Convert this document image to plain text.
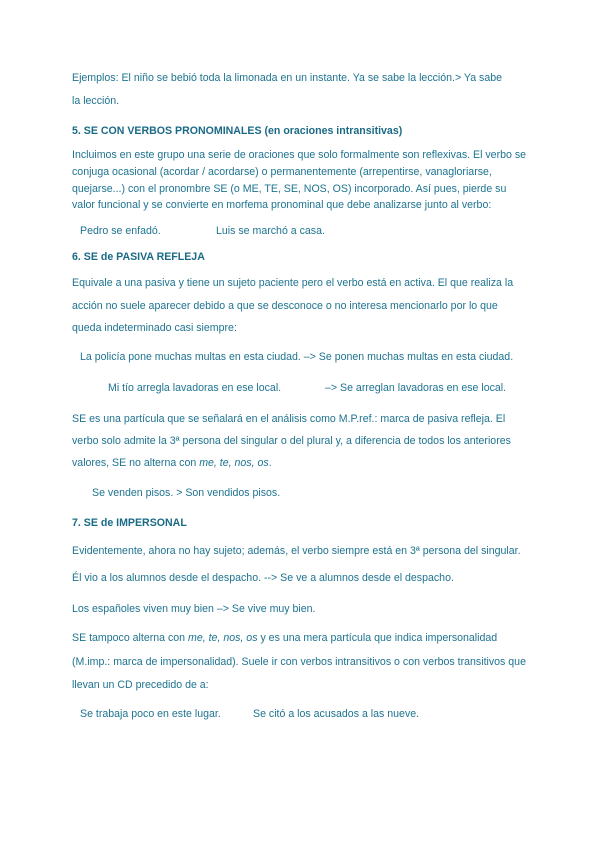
Ejemplos: El niño se bebió toda la limonada en un instante. Ya se sabe la lección.> Ya sabe
la lección.
5. SE CON VERBOS PRONOMINALES (en oraciones intransitivas)
Incluimos en este grupo una serie de oraciones que solo formalmente son reflexivas. El verbo se
conjuga ocasional (acordar / acordarse) o permanentemente (arrepentirse, vanagloriarse,
quejarse...) con el pronombre SE (o ME, TE, SE, NOS, OS) incorporado. Así pues, pierde su
valor funcional y se convierte en morfema pronominal que debe analizarse junto al verbo:
Pedro se enfadó.	Luis se marchó a casa.
6. SE de PASIVA REFLEJA
Equivale a una pasiva y tiene un sujeto paciente pero el verbo está en activa. El que realiza la
acción no suele aparecer debido a que se desconoce o no interesa mencionarlo por lo que
queda indeterminado casi siempre:
La policía pone muchas multas en esta ciudad. –> Se ponen muchas multas en esta ciudad.
Mi tío arregla lavadoras en ese local.	–> Se arreglan lavadoras en ese local.
SE es una partícula que se señalará en el análisis como M.P.ref.: marca de pasiva refleja. El
verbo solo admite la 3ª persona del singular o del plural y, a diferencia de todos los anteriores
valores, SE no alterna con me, te, nos, os.
Se venden pisos. > Son vendidos pisos.
7. SE de IMPERSONAL
Evidentemente, ahora no hay sujeto; además, el verbo siempre está en 3ª persona del singular.
Él vio a los alumnos desde el despacho. --> Se ve a alumnos desde el despacho.
Los españoles viven muy bien –> Se vive muy bien.
SE tampoco alterna con me, te, nos, os y es una mera partícula que indica impersonalidad
(M.imp.: marca de impersonalidad). Suele ir con verbos intransitivos o con verbos transitivos que
llevan un CD precedido de a:
Se trabaja poco en este lugar.	Se citó a los acusados a las nueve.
